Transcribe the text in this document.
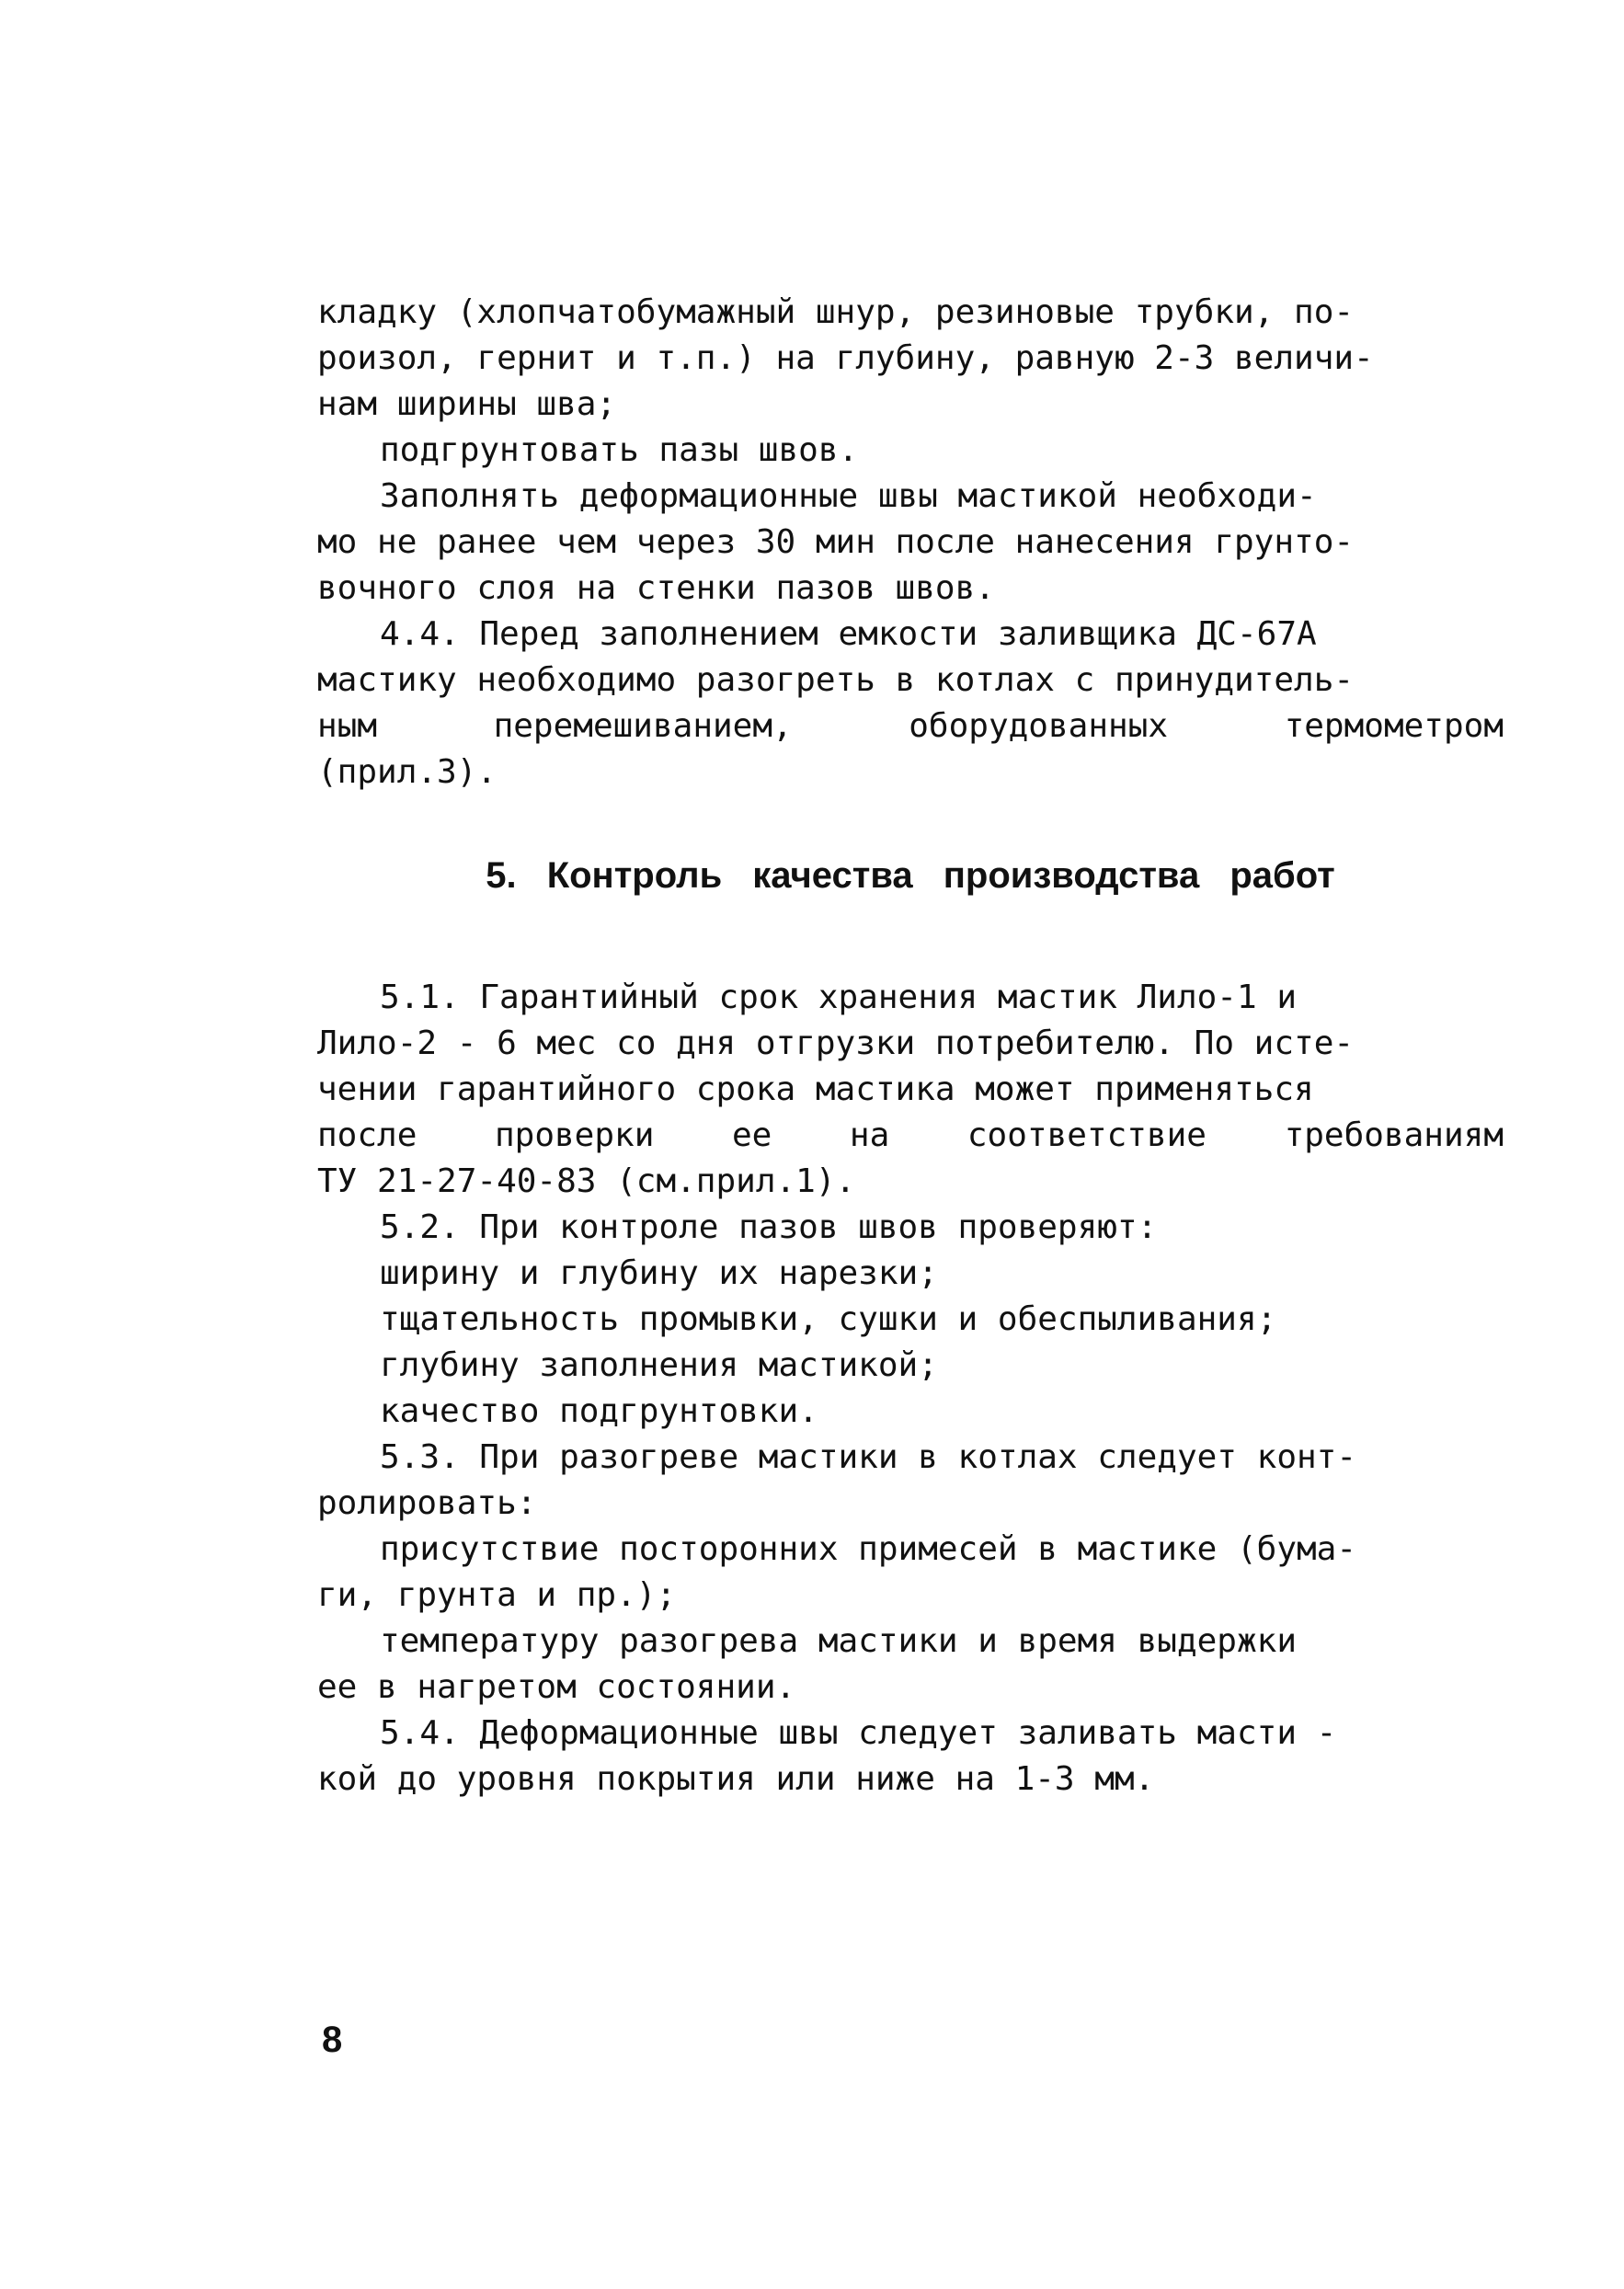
кладку (хлопчатобумажный шнур, резиновые трубки, по-
роизол, гернит и т.п.) на глубину, равную 2-3 величи-
нам ширины шва;
подгрунтовать пазы швов.
Заполнять деформационные швы мастикой необходи-
мо не ранее чем через 30 мин после нанесения грунто-
вочного слоя на стенки пазов швов.
4.4. Перед заполнением емкости заливщика ДС-67А
мастику необходимо разогреть в котлах с принудитель-
ным перемешиванием, оборудованных термометром
(прил.3).
5. Контроль качества производства работ
5.1. Гарантийный срок хранения мастик Лило-1 и
Лило-2 - 6 мес со дня отгрузки потребителю. По исте-
чении гарантийного срока мастика может применяться
после проверки ее на соответствие требованиям
ТУ 21-27-40-83 (см.прил.1).
5.2. При контроле пазов швов проверяют:
ширину и глубину их нарезки;
тщательность промывки, сушки и обеспыливания;
глубину заполнения мастикой;
качество подгрунтовки.
5.3. При разогреве мастики в котлах следует конт-
ролировать:
присутствие посторонних примесей в мастике (бума-
ги, грунта и пр.);
температуру разогрева мастики и время выдержки
ее в нагретом состоянии.
5.4. Деформационные швы следует заливать масти -
кой до уровня покрытия или ниже на 1-3 мм.
8
